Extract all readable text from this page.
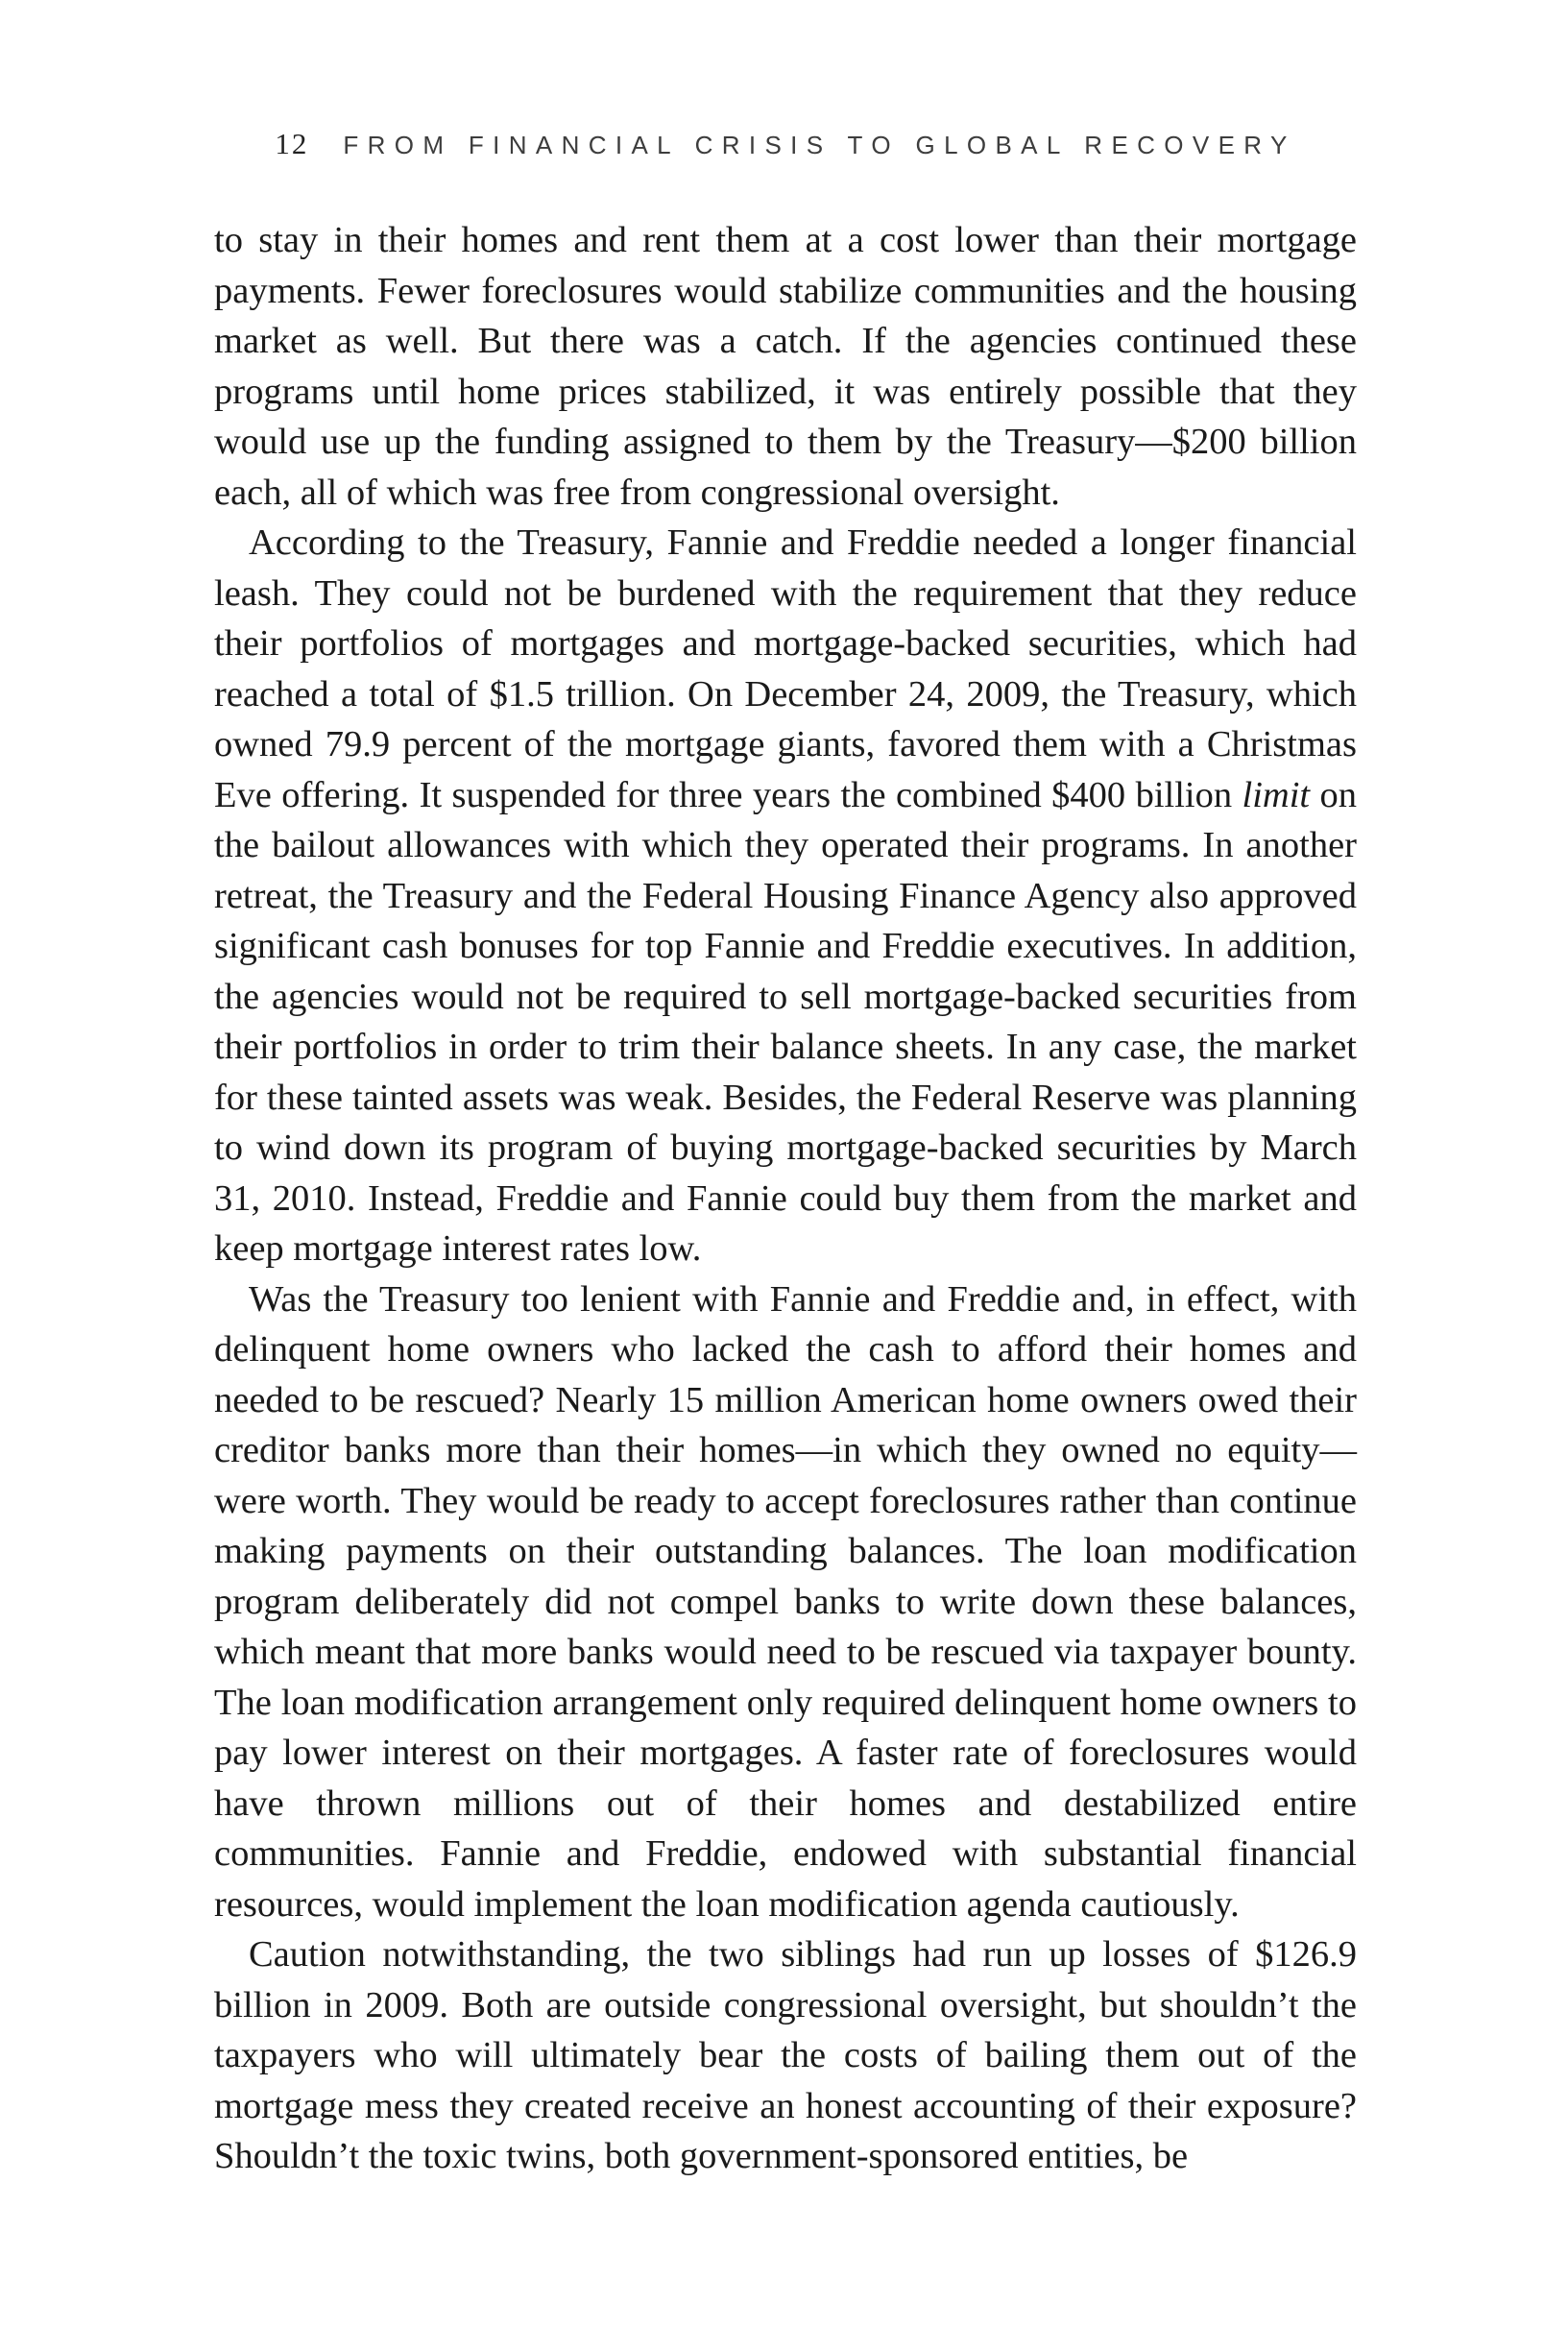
12 FROM FINANCIAL CRISIS TO GLOBAL RECOVERY

to stay in their homes and rent them at a cost lower than their mortgage payments. Fewer foreclosures would stabilize communities and the housing market as well. But there was a catch. If the agencies continued these programs until home prices stabilized, it was entirely possible that they would use up the funding assigned to them by the Treasury—$200 billion each, all of which was free from congressional oversight.

According to the Treasury, Fannie and Freddie needed a longer financial leash. They could not be burdened with the requirement that they reduce their portfolios of mortgages and mortgage-backed securities, which had reached a total of $1.5 trillion. On December 24, 2009, the Treasury, which owned 79.9 percent of the mortgage giants, favored them with a Christmas Eve offering. It suspended for three years the combined $400 billion limit on the bailout allowances with which they operated their programs. In another retreat, the Treasury and the Federal Housing Finance Agency also approved significant cash bonuses for top Fannie and Freddie executives. In addition, the agencies would not be required to sell mortgage-backed securities from their portfolios in order to trim their balance sheets. In any case, the market for these tainted assets was weak. Besides, the Federal Reserve was planning to wind down its program of buying mortgage-backed securities by March 31, 2010. Instead, Freddie and Fannie could buy them from the market and keep mortgage interest rates low.

Was the Treasury too lenient with Fannie and Freddie and, in effect, with delinquent home owners who lacked the cash to afford their homes and needed to be rescued? Nearly 15 million American home owners owed their creditor banks more than their homes—in which they owned no equity—were worth. They would be ready to accept foreclosures rather than continue making payments on their outstanding balances. The loan modification program deliberately did not compel banks to write down these balances, which meant that more banks would need to be rescued via taxpayer bounty. The loan modification arrangement only required delinquent home owners to pay lower interest on their mortgages. A faster rate of foreclosures would have thrown millions out of their homes and destabilized entire communities. Fannie and Freddie, endowed with substantial financial resources, would implement the loan modification agenda cautiously.

Caution notwithstanding, the two siblings had run up losses of $126.9 billion in 2009. Both are outside congressional oversight, but shouldn’t the taxpayers who will ultimately bear the costs of bailing them out of the mortgage mess they created receive an honest accounting of their exposure? Shouldn’t the toxic twins, both government-sponsored entities, be
